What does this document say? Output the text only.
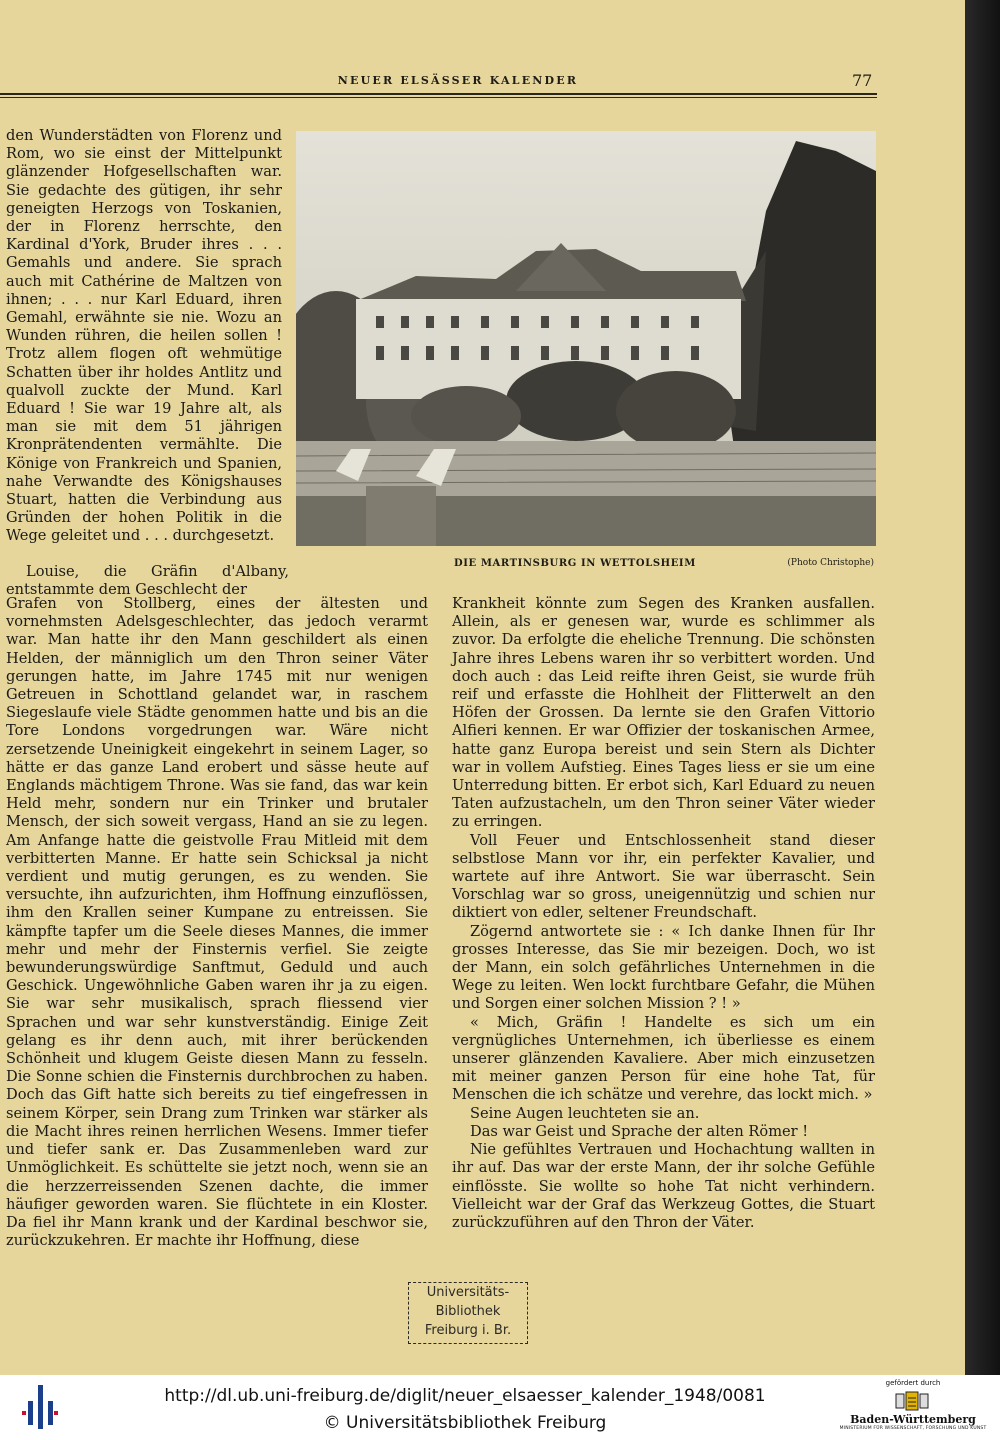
NEUER ELSÄSSER KALENDER	77

den Wunderstädten von Florenz und Rom, wo sie einst der Mittelpunkt glänzender Hofgesellschaften war. Sie gedachte des gütigen, ihr sehr geneigten Herzogs von Toskanien, der in Florenz herrschte, den Kardinal d'York, Bruder ihres . . . Gemahls und andere. Sie sprach auch mit Cathérine de Maltzen von ihnen; . . . nur Karl Eduard, ihren Gemahl, erwähnte sie nie. Wozu an Wunden rühren, die heilen sollen ! Trotz allem flogen oft wehmütige Schatten über ihr holdes Antlitz und qualvoll zuckte der Mund. Karl Eduard ! Sie war 19 Jahre alt, als man sie mit dem 51 jährigen Kronprätendenten vermählte. Die Könige von Frankreich und Spanien, nahe Verwandte des Königshauses Stuart, hatten die Verbindung aus Gründen der hohen Politik in die Wege geleitet und . . . durchgesetzt.

DIE MARTINSBURG IN WETTOLSHEIM	(Photo Christophe)

Louise, die Gräfin d'Albany, entstammte dem Geschlecht der

Grafen von Stollberg, eines der ältesten und vornehmsten Adelsgeschlechter, das jedoch verarmt war. Man hatte ihr den Mann geschildert als einen Helden, der männiglich um den Thron seiner Väter gerungen hatte, im Jahre 1745 mit nur wenigen Getreuen in Schottland gelandet war, in raschem Siegeslaufe viele Städte genommen hatte und bis an die Tore Londons vorgedrungen war. Wäre nicht zersetzende Uneinigkeit eingekehrt in seinem Lager, so hätte er das ganze Land erobert und sässe heute auf Englands mächtigem Throne. Was sie fand, das war kein Held mehr, sondern nur ein Trinker und brutaler Mensch, der sich soweit vergass, Hand an sie zu legen. Am Anfange hatte die geistvolle Frau Mitleid mit dem verbitterten Manne. Er hatte sein Schicksal ja nicht verdient und mutig gerungen, es zu wenden. Sie versuchte, ihn aufzurichten, ihm Hoffnung einzuflössen, ihm den Krallen seiner Kumpane zu entreissen. Sie kämpfte tapfer um die Seele dieses Mannes, die immer mehr und mehr der Finsternis verfiel. Sie zeigte bewunderungswürdige Sanftmut, Geduld und auch Geschick. Ungewöhnliche Gaben waren ihr ja zu eigen. Sie war sehr musikalisch, sprach fliessend vier Sprachen und war sehr kunstverständig. Einige Zeit gelang es ihr denn auch, mit ihrer berückenden Schönheit und klugem Geiste diesen Mann zu fesseln. Die Sonne schien die Finsternis durchbrochen zu haben. Doch das Gift hatte sich bereits zu tief eingefressen in seinem Körper, sein Drang zum Trinken war stärker als die Macht ihres reinen herrlichen Wesens. Immer tiefer und tiefer sank er. Das Zusammenleben ward zur Unmöglichkeit. Es schüttelte sie jetzt noch, wenn sie an die herzzerreissenden Szenen dachte, die immer häufiger geworden waren. Sie flüchtete in ein Kloster. Da fiel ihr Mann krank und der Kardinal beschwor sie, zurückzukehren. Er machte ihr Hoffnung, diese

Krankheit könnte zum Segen des Kranken ausfallen. Allein, als er genesen war, wurde es schlimmer als zuvor. Da erfolgte die eheliche Trennung. Die schönsten Jahre ihres Lebens waren ihr so verbittert worden. Und doch auch : das Leid reifte ihren Geist, sie wurde früh reif und erfasste die Hohlheit der Flitterwelt an den Höfen der Grossen. Da lernte sie den Grafen Vittorio Alfieri kennen. Er war Offizier der toskanischen Armee, hatte ganz Europa bereist und sein Stern als Dichter war in vollem Aufstieg. Eines Tages liess er sie um eine Unterredung bitten. Er erbot sich, Karl Eduard zu neuen Taten aufzustacheln, um den Thron seiner Väter wieder zu erringen.

Voll Feuer und Entschlossenheit stand dieser selbstlose Mann vor ihr, ein perfekter Kavalier, und wartete auf ihre Antwort. Sie war überrascht. Sein Vorschlag war so gross, uneigennützig und schien nur diktiert von edler, seltener Freundschaft.

Zögernd antwortete sie : « Ich danke Ihnen für Ihr grosses Interesse, das Sie mir bezeigen. Doch, wo ist der Mann, ein solch gefährliches Unternehmen in die Wege zu leiten. Wen lockt furchtbare Gefahr, die Mühen und Sorgen einer solchen Mission ? ! »

« Mich, Gräfin ! Handelte es sich um ein vergnügliches Unternehmen, ich überliesse es einem unserer glänzenden Kavaliere. Aber mich einzusetzen mit meiner ganzen Person für eine hohe Tat, für Menschen die ich schätze und verehre, das lockt mich. »

Seine Augen leuchteten sie an.

Das war Geist und Sprache der alten Römer !

Nie gefühltes Vertrauen und Hochachtung wallten in ihr auf. Das war der erste Mann, der ihr solche Gefühle einflösste. Sie wollte so hohe Tat nicht verhindern. Vielleicht war der Graf das Werkzeug Gottes, die Stuart zurückzuführen auf den Thron der Väter.

Universitäts-
Bibliothek
Freiburg i. Br.
http://dl.ub.uni-freiburg.de/diglit/neuer_elsaesser_kalender_1948/0081
© Universitätsbibliothek Freiburg
gefördert durch
Baden-Württemberg
MINISTERIUM FÜR WISSENSCHAFT, FORSCHUNG UND KUNST
